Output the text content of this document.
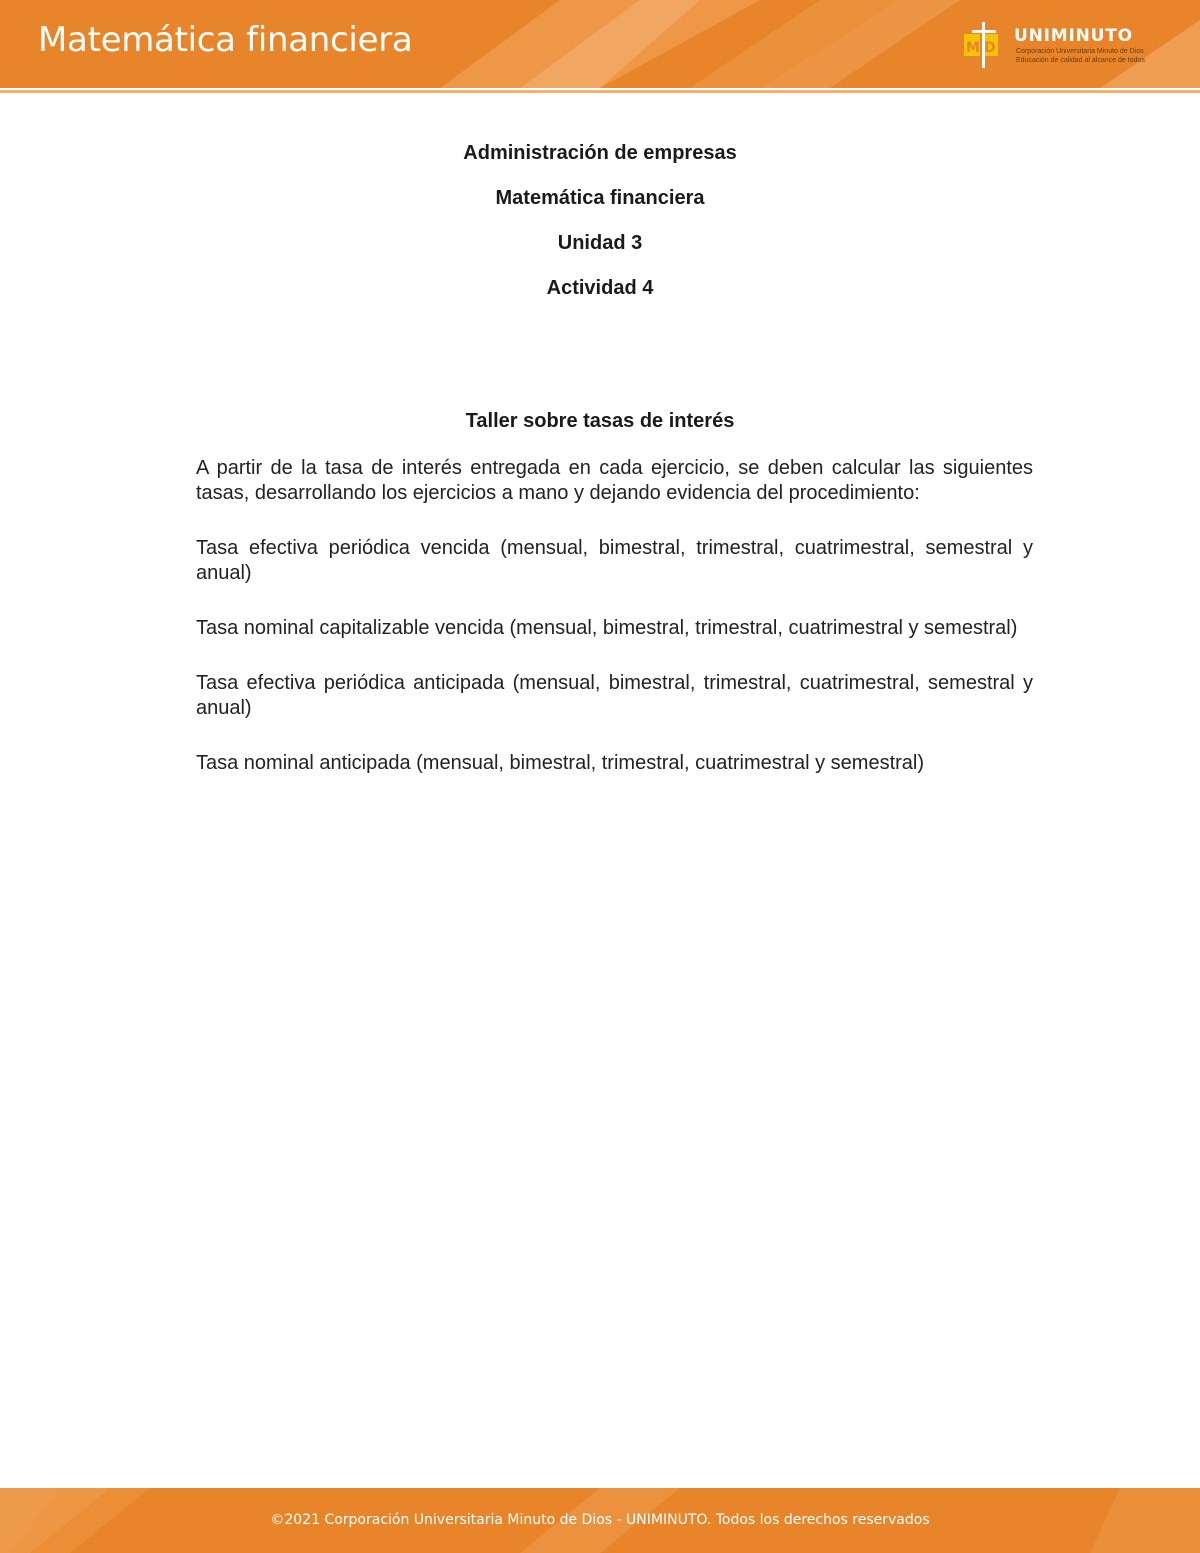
Matemática financiera	M D
UNIMINUTO
Corporación Universitaria Minuto de Dios
Educación de calidad al alcance de todos
Administración de empresas
Matemática financiera
Unidad 3
Actividad 4
Taller sobre tasas de interés

A partir de la tasa de interés entregada en cada ejercicio, se deben calcular las siguientes tasas, desarrollando los ejercicios a mano y dejando evidencia del procedimiento:

Tasa efectiva periódica vencida (mensual, bimestral, trimestral, cuatrimestral, semestral y anual)

Tasa nominal capitalizable vencida (mensual, bimestral, trimestral, cuatrimestral y semestral)

Tasa efectiva periódica anticipada (mensual, bimestral, trimestral, cuatrimestral, semestral y anual)

Tasa nominal anticipada (mensual, bimestral, trimestral, cuatrimestral y semestral)

©2021 Corporación Universitaria Minuto de Dios - UNIMINUTO. Todos los derechos reservados
